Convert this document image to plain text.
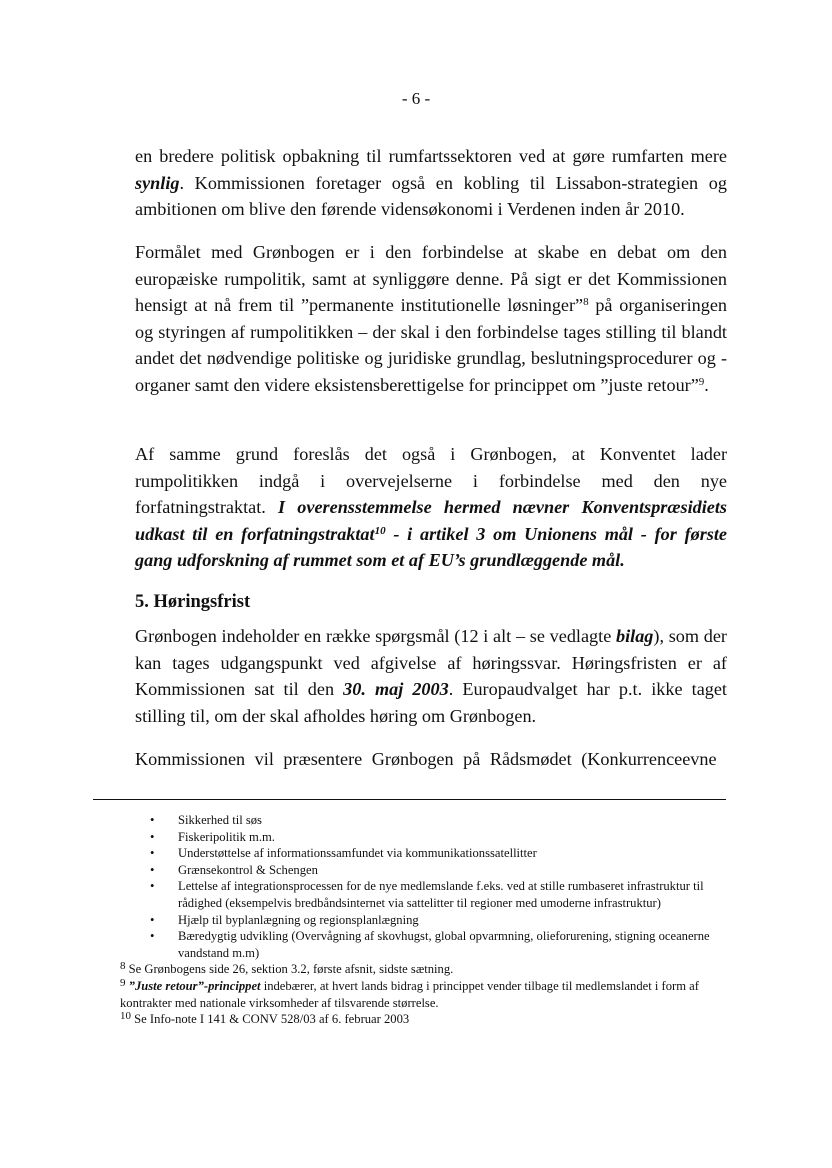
- 6 -

en bredere politisk opbakning til rumfartssektoren ved at gøre rumfarten mere synlig. Kommissionen foretager også en kobling til Lissabon-strategien og ambitionen om blive den førende vidensøkonomi i Verdenen inden år 2010.

Formålet med Grønbogen er i den forbindelse at skabe en debat om den europæiske rumpolitik, samt at synliggøre denne. På sigt er det Kommissionen hensigt at nå frem til ”permanente institutionelle løsninger”$^8$ på organiseringen og styringen af rumpolitikken – der skal i den forbindelse tages stilling til blandt andet det nødvendige politiske og juridiske grundlag, beslutningsprocedurer og -organer samt den videre eksistensberettigelse for princippet om ”juste retour”$^9$.

Af samme grund foreslås det også i Grønbogen, at Konventet lader rumpolitikken indgå i overvejelserne i forbindelse med den nye forfatningstraktat. I overensstemmelse hermed nævner Konventspræsidiets udkast til en forfatningstraktat$^{10}$ - i artikel 3 om Unionens mål - for første gang udforskning af rummet som et af EU’s grundlæggende mål.

5. Høringsfrist

Grønbogen indeholder en række spørgsmål (12 i alt – se vedlagte bilag), som der kan tages udgangspunkt ved afgivelse af høringssvar. Høringsfristen er af Kommissionen sat til den 30. maj 2003. Europaudvalget har p.t. ikke taget stilling til, om der skal afholdes høring om Grønbogen.

Kommissionen vil præsentere Grønbogen på Rådsmødet (Konkurrenceevne

• Sikkerhed til søs
• Fiskeripolitik m.m.
• Understøttelse af informationssamfundet via kommunikationssatellitter
• Grænsekontrol & Schengen
• Lettelse af integrationsprocessen for de nye medlemslande f.eks. ved at stille rumbaseret infrastruktur til rådighed (eksempelvis bredbåndsinternet via sattelitter til regioner med umoderne infrastruktur)
• Hjælp til byplanlægning og regionsplanlægning
• Bæredygtig udvikling (Overvågning af skovhugst, global opvarmning, olieforurening, stigning oceanerne vandstand m.m)

$^8$ Se Grønbogens side 26, sektion 3.2, første afsnit, sidste sætning.

$^9$ ”Juste retour”-princippet indebærer, at hvert lands bidrag i princippet vender tilbage til medlemslandet i form af kontrakter med nationale virksomheder af tilsvarende størrelse.

$^{10}$ Se Info-note I 141 & CONV 528/03 af 6. februar 2003
